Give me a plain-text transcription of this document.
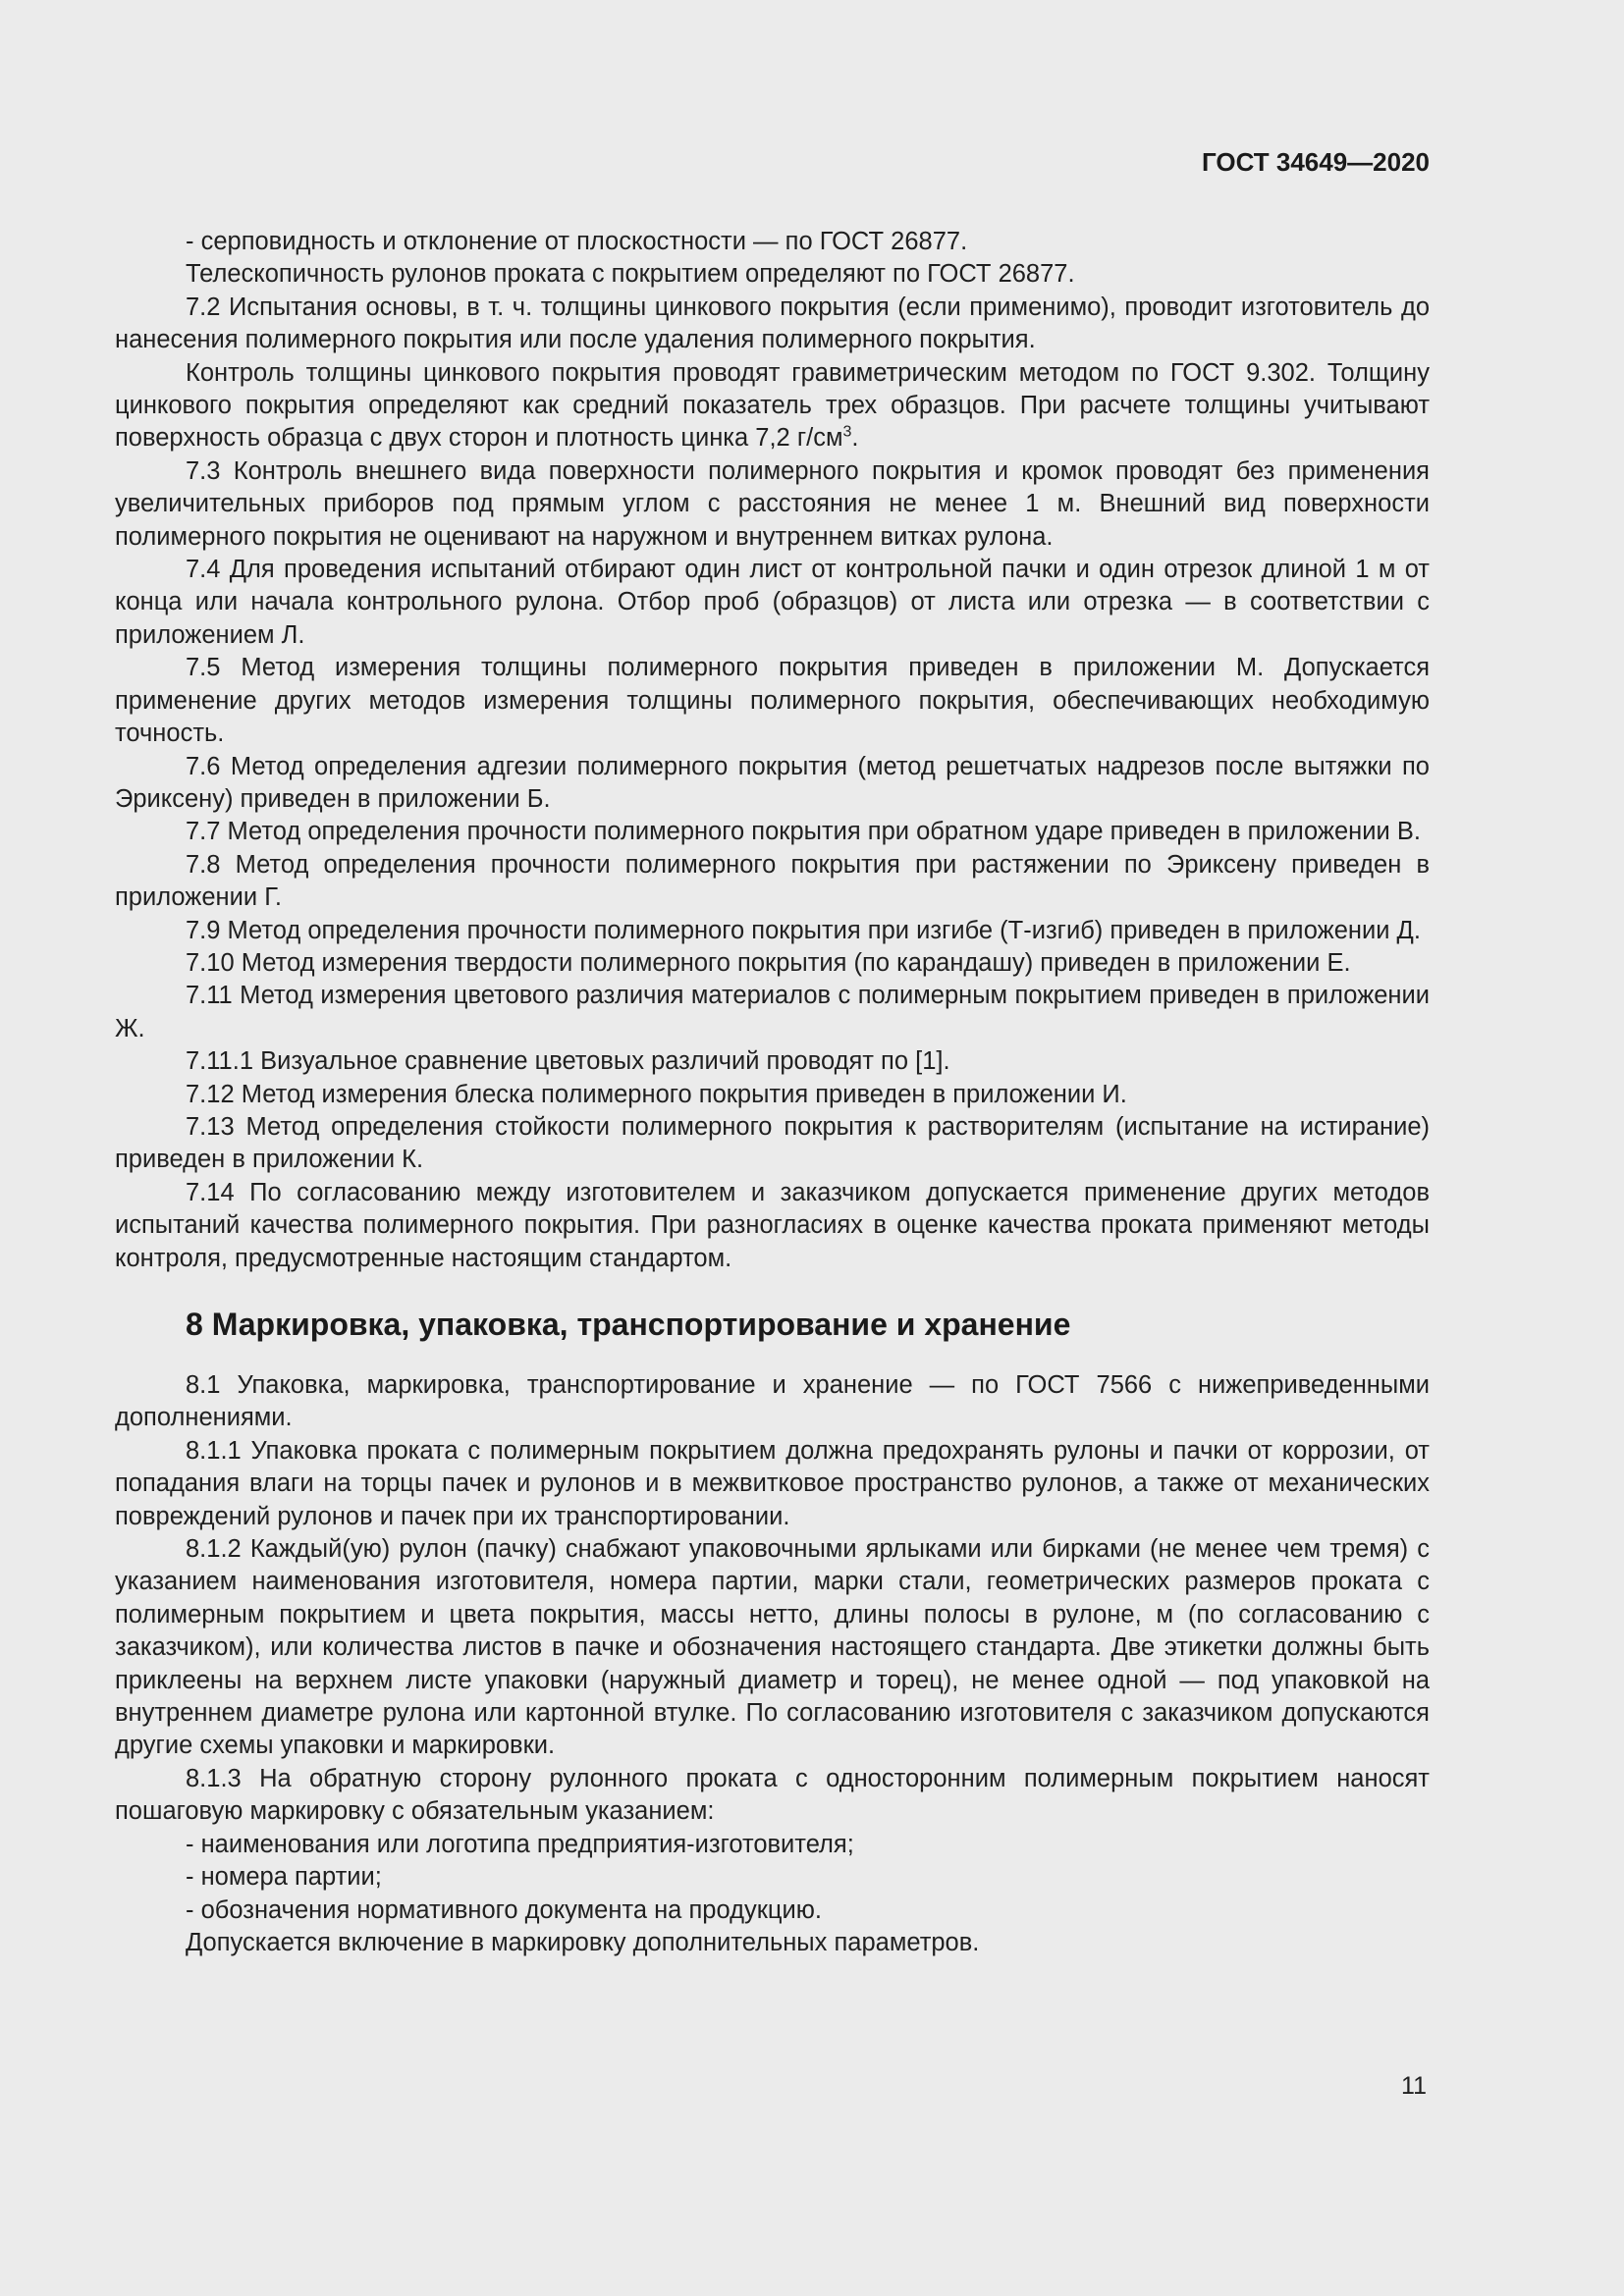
ГОСТ 34649—2020

- серповидность и отклонение от плоскостности — по ГОСТ 26877.

Телескопичность рулонов проката с покрытием определяют по ГОСТ 26877.

7.2 Испытания основы, в т. ч. толщины цинкового покрытия (если применимо), проводит изготовитель до нанесения полимерного покрытия или после удаления полимерного покрытия.

Контроль толщины цинкового покрытия проводят гравиметрическим методом по ГОСТ 9.302. Толщину цинкового покрытия определяют как средний показатель трех образцов. При расчете толщины учитывают поверхность образца с двух сторон и плотность цинка 7,2 $г/см^3$.

7.3 Контроль внешнего вида поверхности полимерного покрытия и кромок проводят без применения увеличительных приборов под прямым углом с расстояния не менее 1 м. Внешний вид поверхности полимерного покрытия не оценивают на наружном и внутреннем витках рулона.

7.4 Для проведения испытаний отбирают один лист от контрольной пачки и один отрезок длиной 1 м от конца или начала контрольного рулона. Отбор проб (образцов) от листа или отрезка — в соответствии с приложением Л.

7.5 Метод измерения толщины полимерного покрытия приведен в приложении М. Допускается применение других методов измерения толщины полимерного покрытия, обеспечивающих необходимую точность.

7.6 Метод определения адгезии полимерного покрытия (метод решетчатых надрезов после вытяжки по Эриксену) приведен в приложении Б.

7.7 Метод определения прочности полимерного покрытия при обратном ударе приведен в приложении В.

7.8 Метод определения прочности полимерного покрытия при растяжении по Эриксену приведен в приложении Г.

7.9 Метод определения прочности полимерного покрытия при изгибе (Т-изгиб) приведен в приложении Д.

7.10 Метод измерения твердости полимерного покрытия (по карандашу) приведен в приложении Е.

7.11 Метод измерения цветового различия материалов с полимерным покрытием приведен в приложении Ж.

7.11.1 Визуальное сравнение цветовых различий проводят по [1].

7.12 Метод измерения блеска полимерного покрытия приведен в приложении И.

7.13 Метод определения стойкости полимерного покрытия к растворителям (испытание на истирание) приведен в приложении К.

7.14 По согласованию между изготовителем и заказчиком допускается применение других методов испытаний качества полимерного покрытия. При разногласиях в оценке качества проката применяют методы контроля, предусмотренные настоящим стандартом.

8 Маркировка, упаковка, транспортирование и хранение

8.1 Упаковка, маркировка, транспортирование и хранение — по ГОСТ 7566 с нижеприведенными дополнениями.

8.1.1 Упаковка проката с полимерным покрытием должна предохранять рулоны и пачки от коррозии, от попадания влаги на торцы пачек и рулонов и в межвитковое пространство рулонов, а также от механических повреждений рулонов и пачек при их транспортировании.

8.1.2 Каждый(ую) рулон (пачку) снабжают упаковочными ярлыками или бирками (не менее чем тремя) с указанием наименования изготовителя, номера партии, марки стали, геометрических размеров проката с полимерным покрытием и цвета покрытия, массы нетто, длины полосы в рулоне, м (по согласованию с заказчиком), или количества листов в пачке и обозначения настоящего стандарта. Две этикетки должны быть приклеены на верхнем листе упаковки (наружный диаметр и торец), не менее одной — под упаковкой на внутреннем диаметре рулона или картонной втулке. По согласованию изготовителя с заказчиком допускаются другие схемы упаковки и маркировки.

8.1.3 На обратную сторону рулонного проката с односторонним полимерным покрытием наносят пошаговую маркировку с обязательным указанием:

- наименования или логотипа предприятия-изготовителя;

- номера партии;

- обозначения нормативного документа на продукцию.

Допускается включение в маркировку дополнительных параметров.

11
